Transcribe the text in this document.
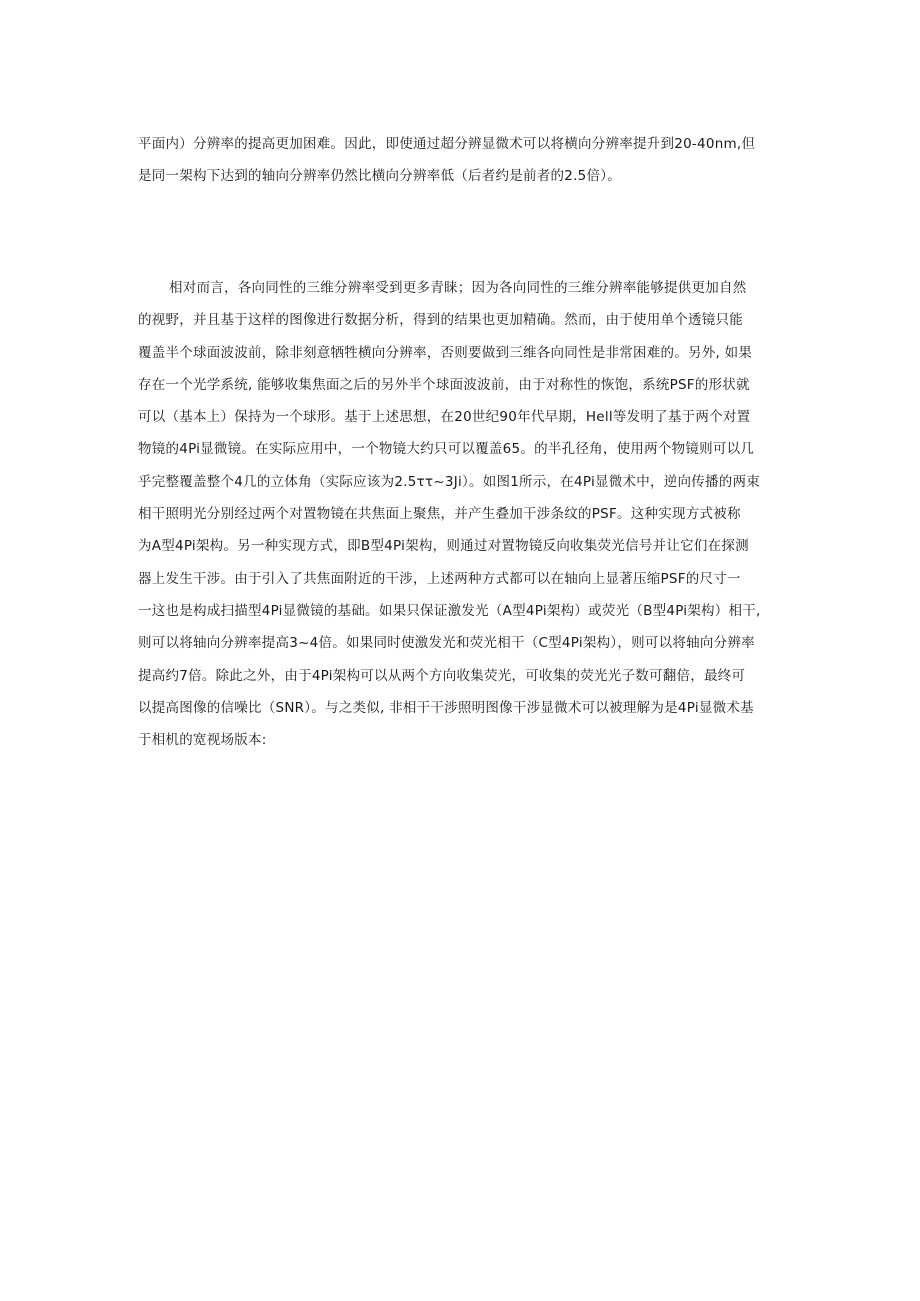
平面内）分辨率的提高更加困难。因此，即使通过超分辨显微术可以将横向分辨率提升到20-40nm,但
是同一架构下达到的轴向分辨率仍然比横向分辨率低（后者约是前者的2.5倍）。
相对而言，各向同性的三维分辨率受到更多青睐；因为各向同性的三维分辨率能够提供更加自然
的视野，并且基于这样的图像进行数据分析，得到的结果也更加精确。然而，由于使用单个透镜只能
覆盖半个球面波波前，除非刻意牺牲横向分辨率，否则要做到三维各向同性是非常困难的。另外, 如果
存在一个光学系统, 能够收集焦面之后的另外半个球面波波前，由于对称性的恢饱，系统PSF的形状就
可以（基本上）保持为一个球形。基于上述思想，在20世纪90年代早期，Hell等发明了基于两个对置
物镜的4Pi显微镜。在实际应用中，一个物镜大约只可以覆盖65。的半孔径角，使用两个物镜则可以几
乎完整覆盖整个4几的立体角（实际应该为2.5ττ~3Ji）。如图1所示，在4Pi显微术中，逆向传播的两束
相干照明光分别经过两个对置物镜在共焦面上聚焦，并产生叠加干涉条纹的PSF。这种实现方式被称
为A型4Pi架构。另一种实现方式，即B型4Pi架构，则通过对置物镜反向收集荧光信号并让它们在探测
器上发生干涉。由于引入了共焦面附近的干涉，上述两种方式都可以在轴向上显著压缩PSF的尺寸一
一这也是构成扫描型4Pi显微镜的基础。如果只保证激发光（A型4Pi架构）或荧光（B型4Pi架构）相干,
则可以将轴向分辨率提高3~4倍。如果同时使激发光和荧光相干（C型4Pi架构），则可以将轴向分辨率
提高约7倍。除此之外，由于4Pi架构可以从两个方向收集荧光，可收集的荧光光子数可翻倍，最终可
以提高图像的信噪比（SNR）。与之类似, 非相干干涉照明图像干涉显微术可以被理解为是4Pi显微术基
于相机的宽视场版本:
